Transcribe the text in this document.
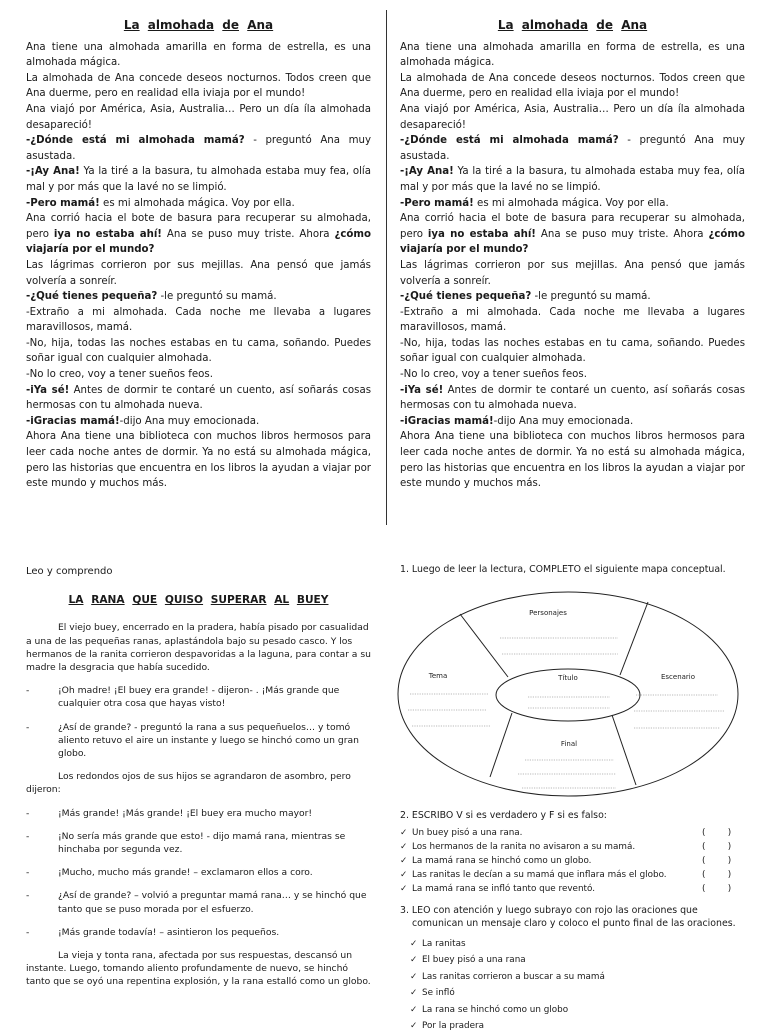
La almohada de Ana

Ana tiene una almohada amarilla en forma de estrella, es una almohada mágica.

La almohada de Ana concede deseos nocturnos. Todos creen que Ana duerme, pero en realidad ella iviaja por el mundo!

Ana viajó por América, Asia, Australia… Pero un día íla almohada desapareció!

-¿Dónde está mi almohada mamá? - preguntó Ana muy asustada.

-¡Ay Ana! Ya la tiré a la basura, tu almohada estaba muy fea, olía mal y por más que la lavé no se limpió.

-Pero mamá! es mi almohada mágica. Voy por ella.

Ana corrió hacia el bote de basura para recuperar su almohada, pero iya no estaba ahí! Ana se puso muy triste. Ahora ¿cómo viajaría por el mundo?

Las lágrimas corrieron por sus mejillas. Ana pensó que jamás volvería a sonreír.

-¿Qué tienes pequeña? -le preguntó su mamá.

-Extraño a mi almohada. Cada noche me llevaba a lugares maravillosos, mamá.

-No, hija, todas las noches estabas en tu cama, soñando. Puedes soñar igual con cualquier almohada.

-No lo creo, voy a tener sueños feos.

-iYa sé! Antes de dormir te contaré un cuento, así soñarás cosas hermosas con tu almohada nueva.

-iGracias mamá!-dijo Ana muy emocionada.

Ahora Ana tiene una biblioteca con muchos libros hermosos para leer cada noche antes de dormir. Ya no está su almohada mágica, pero las historias que encuentra en los libros la ayudan a viajar por este mundo y muchos más.

La almohada de Ana

Ana tiene una almohada amarilla en forma de estrella, es una almohada mágica.

La almohada de Ana concede deseos nocturnos. Todos creen que Ana duerme, pero en realidad ella iviaja por el mundo!

Ana viajó por América, Asia, Australia… Pero un día íla almohada desapareció!

-¿Dónde está mi almohada mamá? - preguntó Ana muy asustada.

-¡Ay Ana! Ya la tiré a la basura, tu almohada estaba muy fea, olía mal y por más que la lavé no se limpió.

-Pero mamá! es mi almohada mágica. Voy por ella.

Ana corrió hacia el bote de basura para recuperar su almohada, pero iya no estaba ahí! Ana se puso muy triste. Ahora ¿cómo viajaría por el mundo?

Las lágrimas corrieron por sus mejillas. Ana pensó que jamás volvería a sonreír.

-¿Qué tienes pequeña? -le preguntó su mamá.

-Extraño a mi almohada. Cada noche me llevaba a lugares maravillosos, mamá.

-No, hija, todas las noches estabas en tu cama, soñando. Puedes soñar igual con cualquier almohada.

-No lo creo, voy a tener sueños feos.

-iYa sé! Antes de dormir te contaré un cuento, así soñarás cosas hermosas con tu almohada nueva.

-iGracias mamá!-dijo Ana muy emocionada.

Ahora Ana tiene una biblioteca con muchos libros hermosos para leer cada noche antes de dormir. Ya no está su almohada mágica, pero las historias que encuentra en los libros la ayudan a viajar por este mundo y muchos más.

Leo y comprendo
LA RANA QUE QUISO SUPERAR AL BUEY

El viejo buey, encerrado en la pradera, había pisado por casualidad a una de las pequeñas ranas, aplastándola bajo su pesado casco. Y los hermanos de la ranita corrieron despavoridas a la laguna, para contar a su madre la desgracia que había sucedido.

-	¡Oh madre! ¡El buey era grande! - dijeron- . ¡Más grande que cualquier otra cosa que hayas visto!

-	¿Así de grande? - preguntó la rana a sus pequeñuelos… y tomó aliento retuvo el aire un instante y luego se hinchó como un gran globo.

Los redondos ojos de sus hijos se agrandaron de asombro, pero dijeron:

-	¡Más grande! ¡Más grande! ¡El buey era mucho mayor!

-	¡No sería más grande que esto! - dijo mamá rana, mientras se hinchaba por segunda vez.

-	¡Mucho, mucho más grande! – exclamaron ellos a coro.

-	¿Así de grande? – volvió a preguntar mamá rana… y se hinchó que tanto que se puso morada por el esfuerzo.

-	¡Más grande todavía! – asintieron los pequeños.

La vieja y tonta rana, afectada por sus respuestas, descansó un instante. Luego, tomando aliento profundamente de nuevo, se hinchó tanto que se oyó una repentina explosión, y la rana estalló como un globo.

1. Luego de leer la lectura, COMPLETO el siguiente mapa conceptual.
Personajes
Tema	Título	Escenario
Final
2. ESCRIBO V si es verdadero y F si es falso:
✓ Un buey pisó a una rana.	(        )
✓ Los hermanos de la ranita no avisaron a su mamá.	(        )
✓ La mamá rana se hinchó como un globo.	(        )
✓ Las ranitas le decían a su mamá que inflara más el globo.	(        )
✓ La mamá rana se infló tanto que reventó.	(        )
3. LEO con atención y luego subrayo con rojo las oraciones que comunican un mensaje claro y coloco el punto final de las oraciones.
✓ La ranitas
✓ El buey pisó a una rana
✓ Las ranitas corrieron a buscar a su mamá
✓ Se infló
✓ La rana se hinchó como un globo
✓ Por la pradera
